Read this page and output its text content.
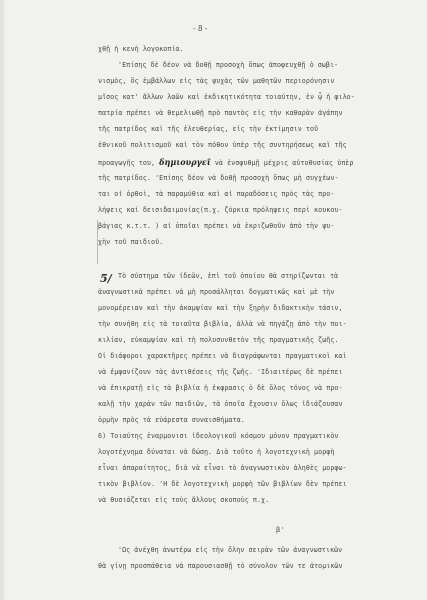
-8-
χθῇ ἡ κενὴ λογοκοπία.
'Επίσης δὲ δέον νὰ δοθῇ προσοχὴ ὅπως ἀποφευχθῇ ὁ σωβι-
νισμὸς, ὅς ἐμβάλλων εἰς τὰς ψυχὰς τῶν μαθητῶν περιορόνησιν
μῖσος κατ' ἄλλων λαῶν καὶ ἐκδικητικότητα τοιαύτην, ἐν ᾧ ἡ φιλο-
πατρία πρέπει νὰ θεμελιωθῇ πρὸ παντὸς εἰς τὴν καθαρὰν ἀγάπην
τῆς πατρίδος καὶ τῆς ἐλευθερίας, εἰς τὴν ἐκτίμησιν τοῦ
ἐθνικοῦ πολιτισμοῦ καὶ τὸν πόθον ὑπὲρ τῆς συντηρήσεως καὶ τῆς
προαγωγῆς του, δημιουργεῖ νὰ ἐνσφυθμῇ μέχρις αὐτοθυσίας ὑπὲρ
τῆς πατρίδος. 'Επίσης δέον νὰ δοθῇ προσοχὴ ὅπως μὴ συγχέων-
ται οἱ ὀρθοὶ, τὰ παραμύθια καὶ αἱ παραδόσεις πρὸς τὰς προ-
λήψεις καὶ δεισιδαιμονίας(π.χ. ζόρκια πρόληψεις περὶ κουκου-
βάγιας κ.τ.τ. ) αἱ ὁποῖαι πρέπει νὰ ἐκριζωθοῦν ἀπὸ τὴν ψυ-
χὴν τοῦ παιδιοῦ.
5/ Τὸ σύστημα τῶν ἰδεῶν, ἐπὶ τοῦ ὁποίου θὰ στηρίζωνται τὰ
ἀναγνωστικὰ πρέπει νὰ μὴ προσάλληται δογματικῶς καὶ μὲ τὴν
μονομέρειαν καὶ τὴν ἀκαμψίαν καὶ τὴν ξηρὴν διδακτικὴν τάσιν,
τὴν συνήθη εἰς τὰ τοιαῦτα βιβλία, ἀλλὰ νὰ πηγάζῃ ἀπὸ τὴν ποι-
κιλίαν, εὐκαμψίαν καὶ τὴ πολυσυνθετὸν τῆς πραγματικῆς ζωῆς.
Οἱ διάφοροι χαρακτῆρες πρέπει νὰ διαγράφωνται πραγματικοὶ καὶ
νὰ ἐμφανίζουν τὰς ἀντιθέσεις τῆς ζωῆς. 'Ιδιαιτέρως δὲ πρέπει
νὰ ἐπικρατῇ εἰς τὰ βιβλία ἡ ἐκφρασις ὁ δὲ ὅλος τόνος νὰ προ-
καλῇ τὴν χαρὰν τῶν παιδιῶν, τὰ ὁποῖα ἔχουσιν ὅλως ἰδιάζουσαν
ὁρμὴν πρὸς τὰ εὐάρεστα συναισθήματα.
6) Τοιαύτης ἐναρμονισι ἰδεολογικοῦ κόσμου μόνον πραγματικὸν
λογοτέχνημα δύναται νὰ δώσῃ. Διὰ τοῦτο ἡ λογοτεχνικὴ μορφὴ
εἶναι ἀπαραίτητος, διὰ νὰ εἶναι τὸ ἀναγνωστικὸν ἀληθὲς μορφω-
τικὸν βιβλίον. 'Η δὲ λογοτεχνικὴ μορφὴ τῶν βιβλίων δὲν πρέπει
νὰ θυσιάζεται εἰς τοὺς ἄλλους σκοποὺς π.χ.
β'
'Ως ἀνέχθη ἀνωτέρω εἰς τὴν ὅλην σειρὰν τῶν ἀναγνωστικῶν
θὰ γίνῃ προσπάθεια νὰ παρουσιασθῇ τὸ σύνολον τῶν τε ἀτομικῶν
